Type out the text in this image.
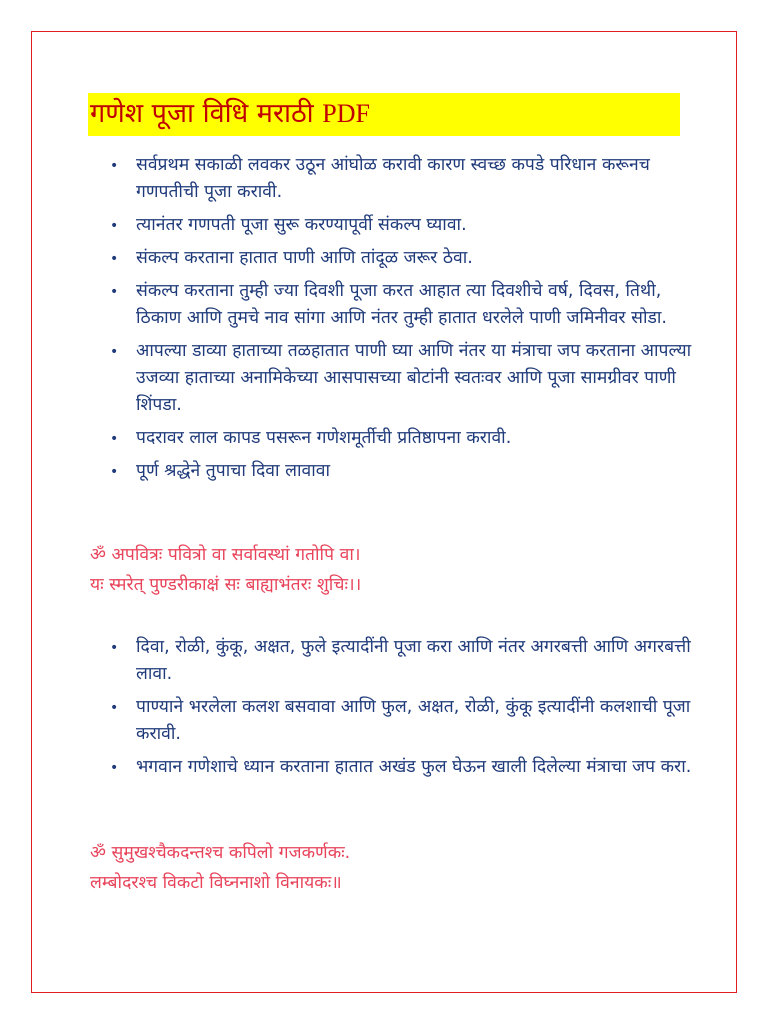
गणेश पूजा विधि मराठी PDF
• सर्वप्रथम सकाळी लवकर उठून आंघोळ करावी कारण स्वच्छ कपडे परिधान करूनच गणपतीची पूजा करावी.
• त्यानंतर गणपती पूजा सुरू करण्यापूर्वी संकल्प घ्यावा.
• संकल्प करताना हातात पाणी आणि तांदूळ जरूर ठेवा.
• संकल्प करताना तुम्ही ज्या दिवशी पूजा करत आहात त्या दिवशीचे वर्ष, दिवस, तिथी, ठिकाण आणि तुमचे नाव सांगा आणि नंतर तुम्ही हातात धरलेले पाणी जमिनीवर सोडा.
• आपल्या डाव्या हाताच्या तळहातात पाणी घ्या आणि नंतर या मंत्राचा जप करताना आपल्या उजव्या हाताच्या अनामिकेच्या आसपासच्या बोटांनी स्वतःवर आणि पूजा सामग्रीवर पाणी शिंपडा.
• पदरावर लाल कापड पसरून गणेशमूर्तीची प्रतिष्ठापना करावी.
• पूर्ण श्रद्धेने तुपाचा दिवा लावावा
ॐ अपवित्रः पवित्रो वा सर्वावस्थां गतोपि वा।
यः स्मरेत् पुण्डरीकाक्षं सः बाह्याभंतरः शुचिः।।
• दिवा, रोळी, कुंकू, अक्षत, फुले इत्यादींनी पूजा करा आणि नंतर अगरबत्ती आणि अगरबत्ती लावा.
• पाण्याने भरलेला कलश बसवावा आणि फुल, अक्षत, रोळी, कुंकू इत्यादींनी कलशाची पूजा करावी.
• भगवान गणेशाचे ध्यान करताना हातात अखंड फुल घेऊन खाली दिलेल्या मंत्राचा जप करा.
ॐ सुमुखश्चैकदन्तश्च कपिलो गजकर्णकः.
लम्बोदरश्च विकटो विघ्ननाशो विनायकः॥
